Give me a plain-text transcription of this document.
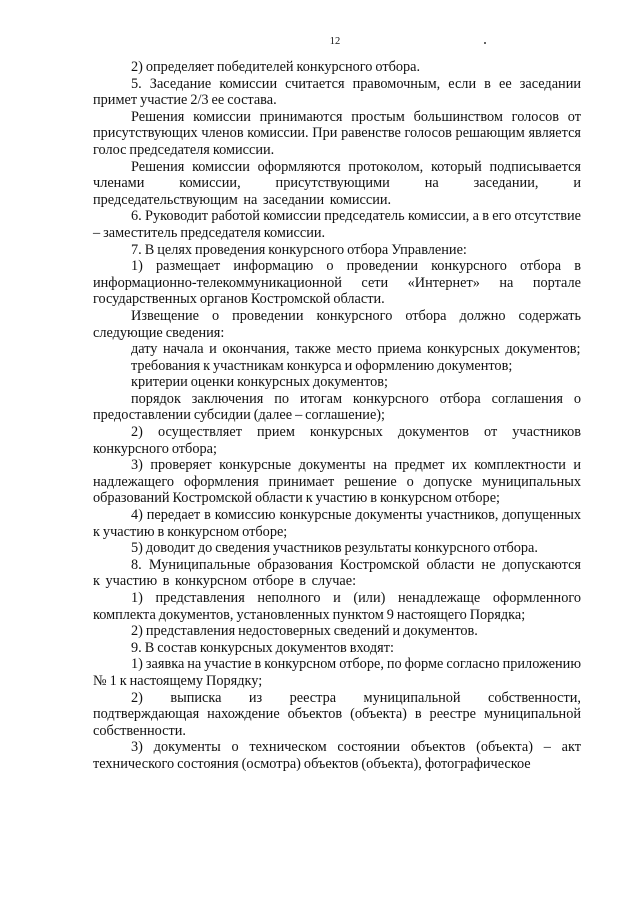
12

2) определяет победителей конкурсного отбора.

5. Заседание комиссии считается правомочным, если в ее заседании примет участие 2/3 ее состава.

Решения комиссии принимаются простым большинством голосов от присутствующих членов комиссии. При равенстве голосов решающим является голос председателя комиссии.

Решения комиссии оформляются протоколом, который подписывается членами комиссии, присутствующими на заседании, и председательствующим на заседании комиссии.

6. Руководит работой комиссии председатель комиссии, а в его отсутствие – заместитель председателя комиссии.

7. В целях проведения конкурсного отбора Управление:

1) размещает информацию о проведении конкурсного отбора в информационно-телекоммуникационной сети «Интернет» на портале государственных органов Костромской области.

Извещение о проведении конкурсного отбора должно содержать следующие сведения:

дату начала и окончания, также место приема конкурсных документов;

требования к участникам конкурса и оформлению документов;

критерии оценки конкурсных документов;

порядок заключения по итогам конкурсного отбора соглашения о предоставлении субсидии (далее – соглашение);

2) осуществляет прием конкурсных документов от участников конкурсного отбора;

3) проверяет конкурсные документы на предмет их комплектности и надлежащего оформления принимает решение о допуске муниципальных образований Костромской области к участию в конкурсном отборе;

4) передает в комиссию конкурсные документы участников, допущенных к участию в конкурсном отборе;

5) доводит до сведения участников результаты конкурсного отбора.

8. Муниципальные образования Костромской области не допускаются к участию в конкурсном отборе в случае:

1) представления неполного и (или) ненадлежаще оформленного комплекта документов, установленных пунктом 9 настоящего Порядка;

2) представления недостоверных сведений и документов.

9. В состав конкурсных документов входят:

1) заявка на участие в конкурсном отборе, по форме согласно приложению № 1 к настоящему Порядку;

2) выписка из реестра муниципальной собственности, подтверждающая нахождение объектов (объекта) в реестре муниципальной собственности.

3) документы о техническом состоянии объектов (объекта) – акт технического состояния (осмотра) объектов (объекта), фотографическое
